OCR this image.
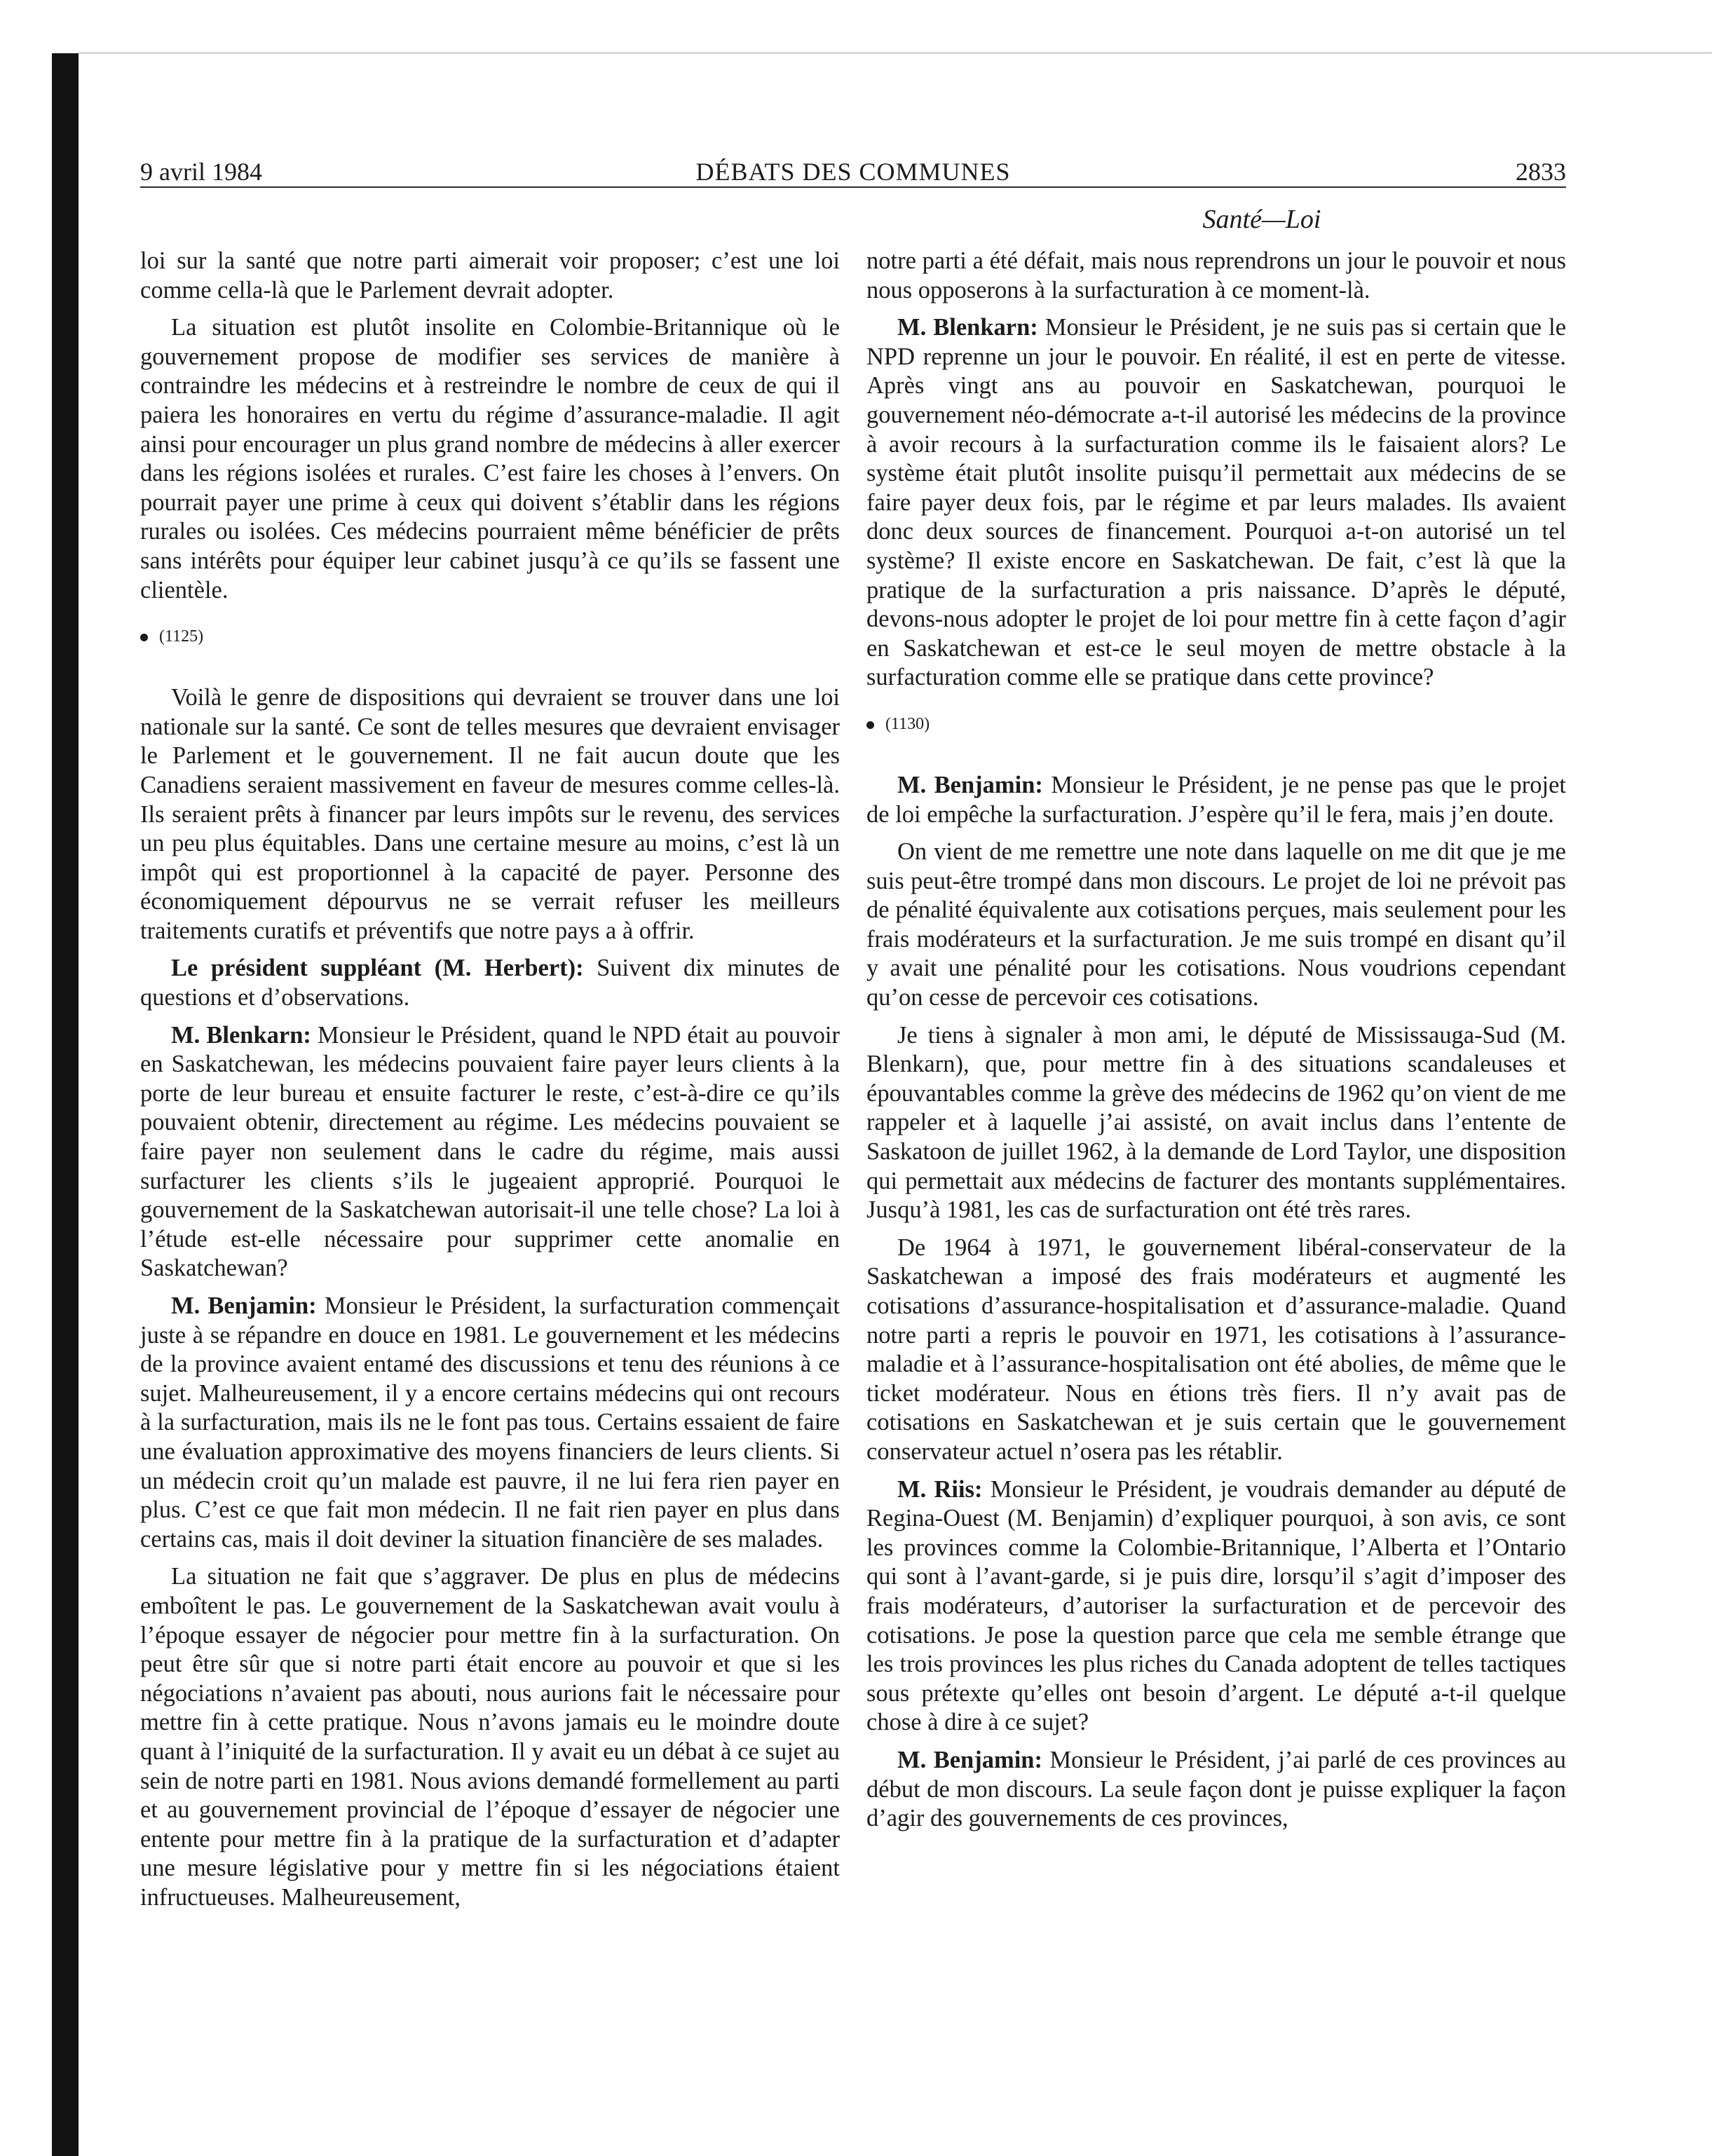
9 avril 1984	DÉBATS DES COMMUNES	2833
Santé—Loi

loi sur la santé que notre parti aimerait voir proposer; c’est une loi comme cella-là que le Parlement devrait adopter.

La situation est plutôt insolite en Colombie-Britannique où le gouvernement propose de modifier ses services de manière à contraindre les médecins et à restreindre le nombre de ceux de qui il paiera les honoraires en vertu du régime d’assurance-maladie. Il agit ainsi pour encourager un plus grand nombre de médecins à aller exercer dans les régions isolées et rurales. C’est faire les choses à l’envers. On pourrait payer une prime à ceux qui doivent s’établir dans les régions rurales ou isolées. Ces médecins pourraient même bénéficier de prêts sans intérêts pour équiper leur cabinet jusqu’à ce qu’ils se fassent une clientèle.

(1125)

Voilà le genre de dispositions qui devraient se trouver dans une loi nationale sur la santé. Ce sont de telles mesures que devraient envisager le Parlement et le gouvernement. Il ne fait aucun doute que les Canadiens seraient massivement en faveur de mesures comme celles-là. Ils seraient prêts à financer par leurs impôts sur le revenu, des services un peu plus équitables. Dans une certaine mesure au moins, c’est là un impôt qui est proportionnel à la capacité de payer. Personne des économiquement dépourvus ne se verrait refuser les meilleurs traitements curatifs et préventifs que notre pays a à offrir.

Le président suppléant (M. Herbert): Suivent dix minutes de questions et d’observations.

M. Blenkarn: Monsieur le Président, quand le NPD était au pouvoir en Saskatchewan, les médecins pouvaient faire payer leurs clients à la porte de leur bureau et ensuite facturer le reste, c’est-à-dire ce qu’ils pouvaient obtenir, directement au régime. Les médecins pouvaient se faire payer non seulement dans le cadre du régime, mais aussi surfacturer les clients s’ils le jugeaient approprié. Pourquoi le gouvernement de la Saskatchewan autorisait-il une telle chose? La loi à l’étude est-elle nécessaire pour supprimer cette anomalie en Saskatchewan?

M. Benjamin: Monsieur le Président, la surfacturation commençait juste à se répandre en douce en 1981. Le gouvernement et les médecins de la province avaient entamé des discussions et tenu des réunions à ce sujet. Malheureusement, il y a encore certains médecins qui ont recours à la surfacturation, mais ils ne le font pas tous. Certains essaient de faire une évaluation approximative des moyens financiers de leurs clients. Si un médecin croit qu’un malade est pauvre, il ne lui fera rien payer en plus. C’est ce que fait mon médecin. Il ne fait rien payer en plus dans certains cas, mais il doit deviner la situation financière de ses malades.

La situation ne fait que s’aggraver. De plus en plus de médecins emboîtent le pas. Le gouvernement de la Saskatchewan avait voulu à l’époque essayer de négocier pour mettre fin à la surfacturation. On peut être sûr que si notre parti était encore au pouvoir et que si les négociations n’avaient pas abouti, nous aurions fait le nécessaire pour mettre fin à cette pratique. Nous n’avons jamais eu le moindre doute quant à l’iniquité de la surfacturation. Il y avait eu un débat à ce sujet au sein de notre parti en 1981. Nous avions demandé formellement au parti et au gouvernement provincial de l’époque d’essayer de négocier une entente pour mettre fin à la pratique de la surfacturation et d’adapter une mesure législative pour y mettre fin si les négociations étaient infructueuses. Malheureusement,

notre parti a été défait, mais nous reprendrons un jour le pouvoir et nous nous opposerons à la surfacturation à ce moment-là.

M. Blenkarn: Monsieur le Président, je ne suis pas si certain que le NPD reprenne un jour le pouvoir. En réalité, il est en perte de vitesse. Après vingt ans au pouvoir en Saskatchewan, pourquoi le gouvernement néo-démocrate a-t-il autorisé les médecins de la province à avoir recours à la surfacturation comme ils le faisaient alors? Le système était plutôt insolite puisqu’il permettait aux médecins de se faire payer deux fois, par le régime et par leurs malades. Ils avaient donc deux sources de financement. Pourquoi a-t-on autorisé un tel système? Il existe encore en Saskatchewan. De fait, c’est là que la pratique de la surfacturation a pris naissance. D’après le député, devons-nous adopter le projet de loi pour mettre fin à cette façon d’agir en Saskatchewan et est-ce le seul moyen de mettre obstacle à la surfacturation comme elle se pratique dans cette province?

(1130)

M. Benjamin: Monsieur le Président, je ne pense pas que le projet de loi empêche la surfacturation. J’espère qu’il le fera, mais j’en doute.

On vient de me remettre une note dans laquelle on me dit que je me suis peut-être trompé dans mon discours. Le projet de loi ne prévoit pas de pénalité équivalente aux cotisations perçues, mais seulement pour les frais modérateurs et la surfacturation. Je me suis trompé en disant qu’il y avait une pénalité pour les cotisations. Nous voudrions cependant qu’on cesse de percevoir ces cotisations.

Je tiens à signaler à mon ami, le député de Mississauga-Sud (M. Blenkarn), que, pour mettre fin à des situations scandaleuses et épouvantables comme la grève des médecins de 1962 qu’on vient de me rappeler et à laquelle j’ai assisté, on avait inclus dans l’entente de Saskatoon de juillet 1962, à la demande de Lord Taylor, une disposition qui permettait aux médecins de facturer des montants supplémentaires. Jusqu’à 1981, les cas de surfacturation ont été très rares.

De 1964 à 1971, le gouvernement libéral-conservateur de la Saskatchewan a imposé des frais modérateurs et augmenté les cotisations d’assurance-hospitalisation et d’assurance-maladie. Quand notre parti a repris le pouvoir en 1971, les cotisations à l’assurance-maladie et à l’assurance-hospitalisation ont été abolies, de même que le ticket modérateur. Nous en étions très fiers. Il n’y avait pas de cotisations en Saskatchewan et je suis certain que le gouvernement conservateur actuel n’osera pas les rétablir.

M. Riis: Monsieur le Président, je voudrais demander au député de Regina-Ouest (M. Benjamin) d’expliquer pourquoi, à son avis, ce sont les provinces comme la Colombie-Britannique, l’Alberta et l’Ontario qui sont à l’avant-garde, si je puis dire, lorsqu’il s’agit d’imposer des frais modérateurs, d’autoriser la surfacturation et de percevoir des cotisations. Je pose la question parce que cela me semble étrange que les trois provinces les plus riches du Canada adoptent de telles tactiques sous prétexte qu’elles ont besoin d’argent. Le député a-t-il quelque chose à dire à ce sujet?

M. Benjamin: Monsieur le Président, j’ai parlé de ces provinces au début de mon discours. La seule façon dont je puisse expliquer la façon d’agir des gouvernements de ces provinces,
